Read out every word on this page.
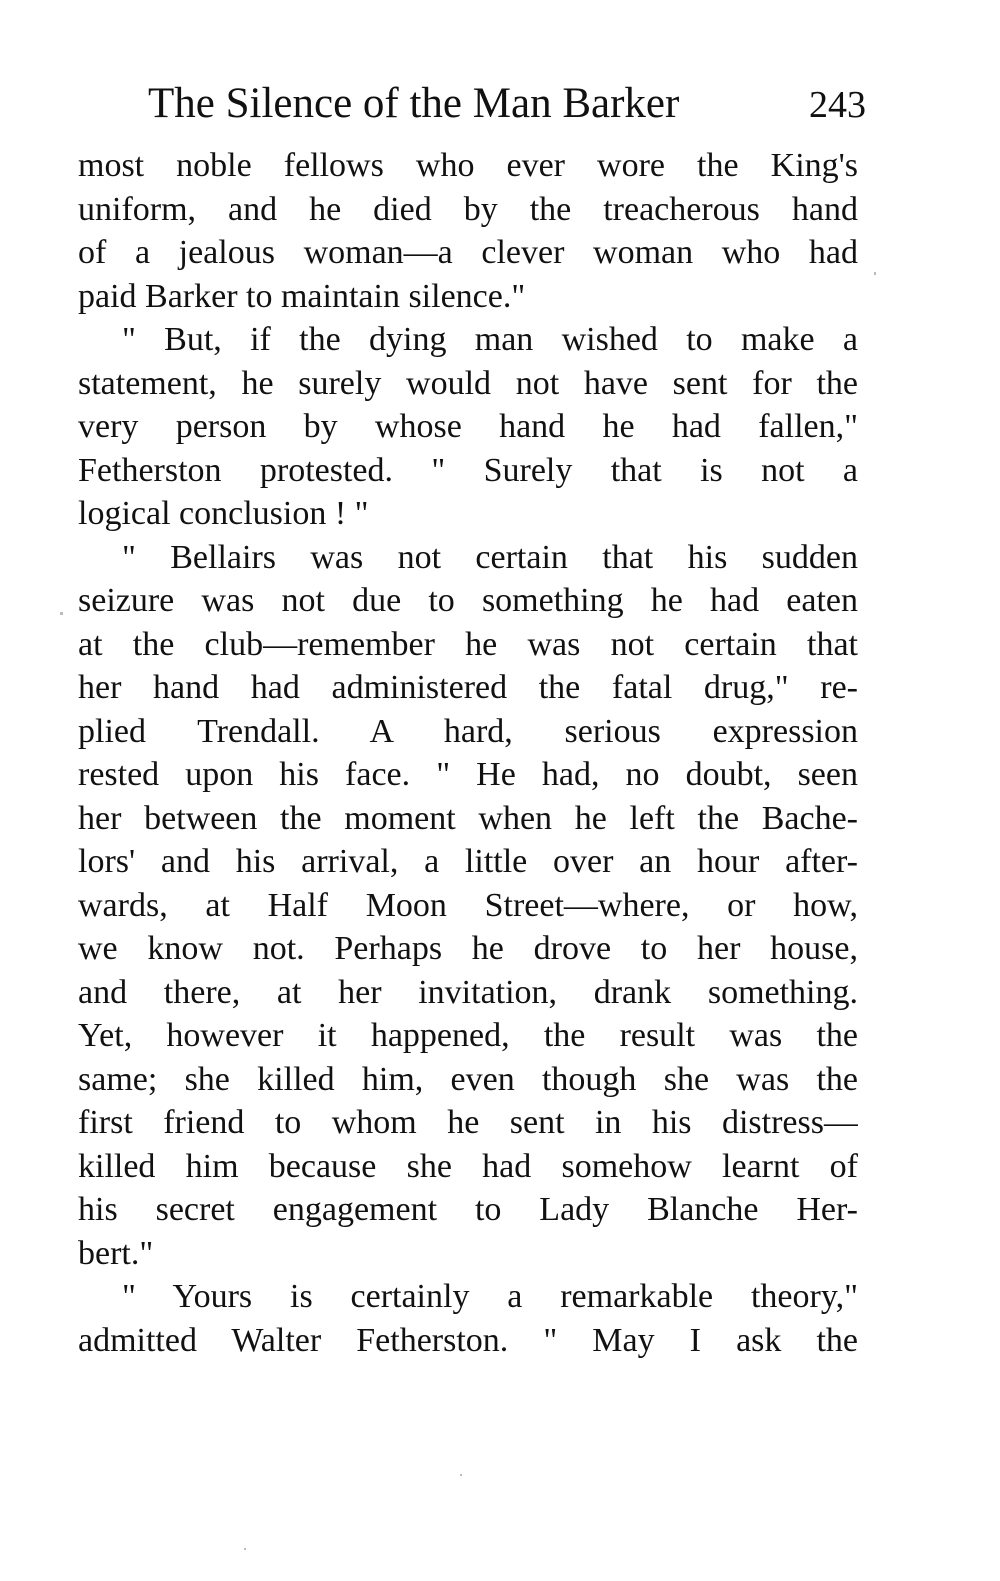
The Silence of the Man Barker	243
most noble fellows who ever wore the King's
uniform, and he died by the treacherous hand
of a jealous woman—a clever woman who had
paid Barker to maintain silence."
" But, if the dying man wished to make a
statement, he surely would not have sent for the
very person by whose hand he had fallen,"
Fetherston protested. " Surely that is not a
logical conclusion ! "
" Bellairs was not certain that his sudden
seizure was not due to something he had eaten
at the club—remember he was not certain that
her hand had administered the fatal drug," re-
plied Trendall. A hard, serious expression
rested upon his face. " He had, no doubt, seen
her between the moment when he left the Bache-
lors' and his arrival, a little over an hour after-
wards, at Half Moon Street—where, or how,
we know not. Perhaps he drove to her house,
and there, at her invitation, drank something.
Yet, however it happened, the result was the
same; she killed him, even though she was the
first friend to whom he sent in his distress—
killed him because she had somehow learnt of
his secret engagement to Lady Blanche Her-
bert."
" Yours is certainly a remarkable theory,"
admitted Walter Fetherston. " May I ask the
